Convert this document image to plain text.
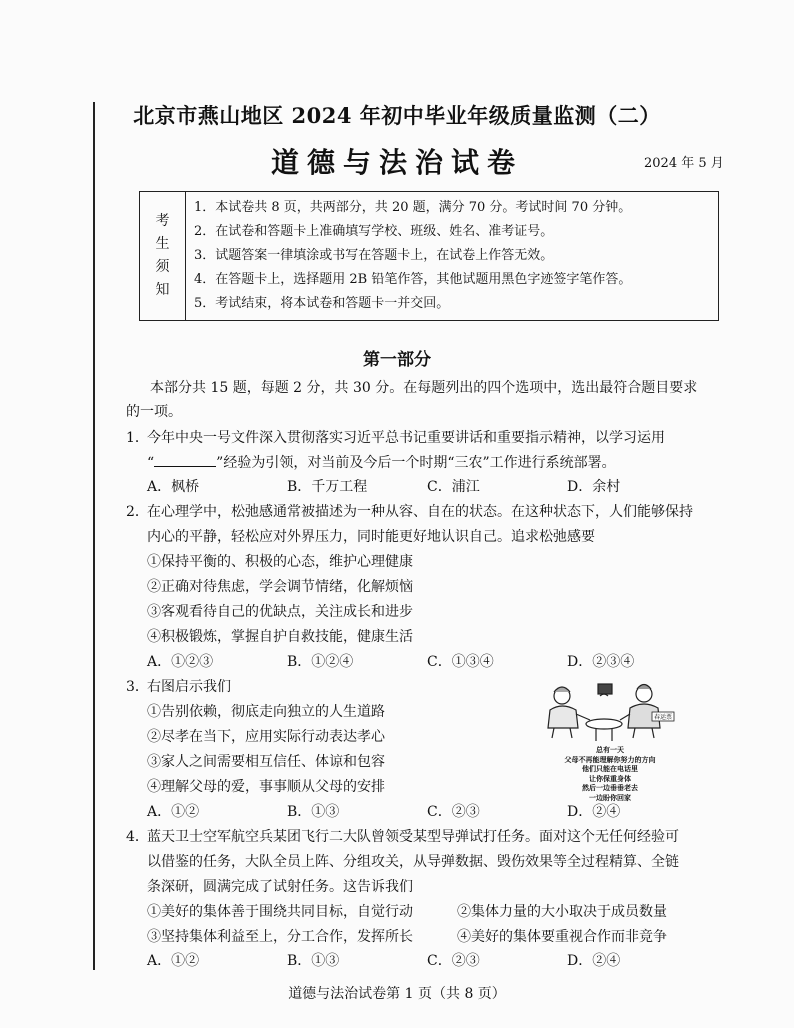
北京市燕山地区 2024 年初中毕业年级质量监测（二）
道德与法治试卷	2024 年 5 月
考
生
须
知
1．本试卷共 8 页，共两部分，共 20 题，满分 70 分。考试时间 70 分钟。
2．在试卷和答题卡上准确填写学校、班级、姓名、准考证号。
3．试题答案一律填涂或书写在答题卡上，在试卷上作答无效。
4．在答题卡上，选择题用 2B 铅笔作答，其他试题用黑色字迹签字笔作答。
5．考试结束，将本试卷和答题卡一并交回。
第一部分
本部分共 15 题，每题 2 分，共 30 分。在每题列出的四个选项中，选出最符合题目要求
的一项。
1．
今年中央一号文件深入贯彻落实习近平总书记重要讲话和重要指示精神，以学习运用
“	”经验为引领，对当前及今后一个时期“三农”工作进行系统部署。
A．枫桥	B．千万工程	C．浦江	D．余村
2．
在心理学中，松弛感通常被描述为一种从容、自在的状态。在这种状态下，人们能够保持
内心的平静，轻松应对外界压力，同时能更好地认识自己。追求松弛感要
①保持平衡的、积极的心态，维护心理健康
②正确对待焦虑，学会调节情绪，化解烦恼
③客观看待自己的优缺点，关注成长和进步
④积极锻炼，掌握自护自救技能，健康生活
A．①②③	B．①②④	C．①③④	D．②③④
3．
右图启示我们
①告别依赖，彻底走向独立的人生道路
②尽孝在当下，应用实际行动表达孝心
③家人之间需要相互信任、体谅和包容
④理解父母的爱，事事顺从父母的安排
A．①②	B．①③	C．②③	D．②④
春运票
总有一天
父母不再能理解你努力的方向
他们只能在电话里
让你保重身体
然后一边垂垂老去
一边盼你回家
4．
蓝天卫士空军航空兵某团飞行二大队曾领受某型导弹试打任务。面对这个无任何经验可
以借鉴的任务，大队全员上阵、分组攻关，从导弹数据、毁伤效果等全过程精算、全链
条深研，圆满完成了试射任务。这告诉我们
①美好的集体善于围绕共同目标，自觉行动	②集体力量的大小取决于成员数量
③坚持集体利益至上，分工合作，发挥所长	④美好的集体要重视合作而非竞争
A．①②	B．①③	C．②③	D．②④
道德与法治试卷第 1 页（共 8 页）
